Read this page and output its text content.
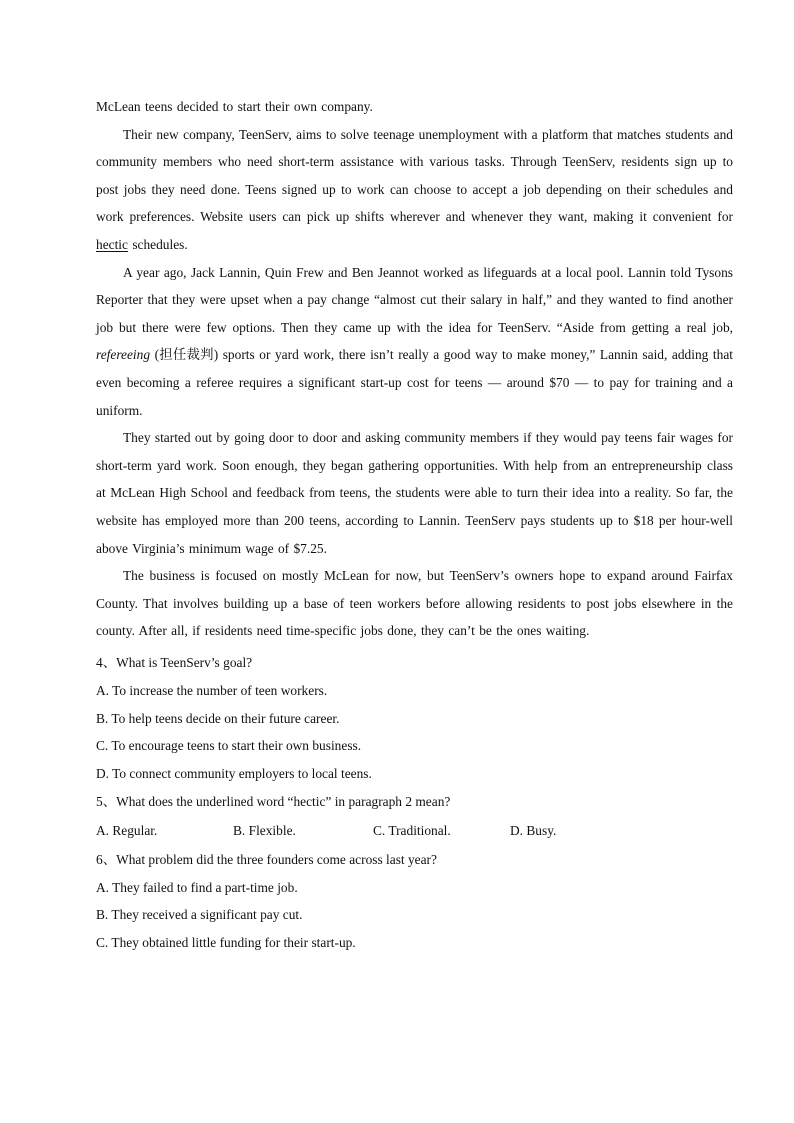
McLean teens decided to start their own company.

Their new company, TeenServ, aims to solve teenage unemployment with a platform that matches students and community members who need short-term assistance with various tasks. Through TeenServ, residents sign up to post jobs they need done. Teens signed up to work can choose to accept a job depending on their schedules and work preferences. Website users can pick up shifts wherever and whenever they want, making it convenient for hectic schedules.

A year ago, Jack Lannin, Quin Frew and Ben Jeannot worked as lifeguards at a local pool. Lannin told Tysons Reporter that they were upset when a pay change “almost cut their salary in half,” and they wanted to find another job but there were few options. Then they came up with the idea for TeenServ. “Aside from getting a real job, refereeing (担任裁判) sports or yard work, there isn’t really a good way to make money,” Lannin said, adding that even becoming a referee requires a significant start-up cost for teens — around $70 — to pay for training and a uniform.

They started out by going door to door and asking community members if they would pay teens fair wages for short-term yard work. Soon enough, they began gathering opportunities. With help from an entrepreneurship class at McLean High School and feedback from teens, the students were able to turn their idea into a reality. So far, the website has employed more than 200 teens, according to Lannin. TeenServ pays students up to $18 per hour-well above Virginia’s minimum wage of $7.25.

The business is focused on mostly McLean for now, but TeenServ’s owners hope to expand around Fairfax County. That involves building up a base of teen workers before allowing residents to post jobs elsewhere in the county. After all, if residents need time-specific jobs done, they can’t be the ones waiting.

4、What is TeenServ’s goal?

A. To increase the number of teen workers.

B. To help teens decide on their future career.

C. To encourage teens to start their own business.

D. To connect community employers to local teens.

5、What does the underlined word “hectic” in paragraph 2 mean?

A. Regular.	B. Flexible.	C. Traditional.	D. Busy.

6、What problem did the three founders come across last year?

A. They failed to find a part-time job.

B. They received a significant pay cut.

C. They obtained little funding for their start-up.
